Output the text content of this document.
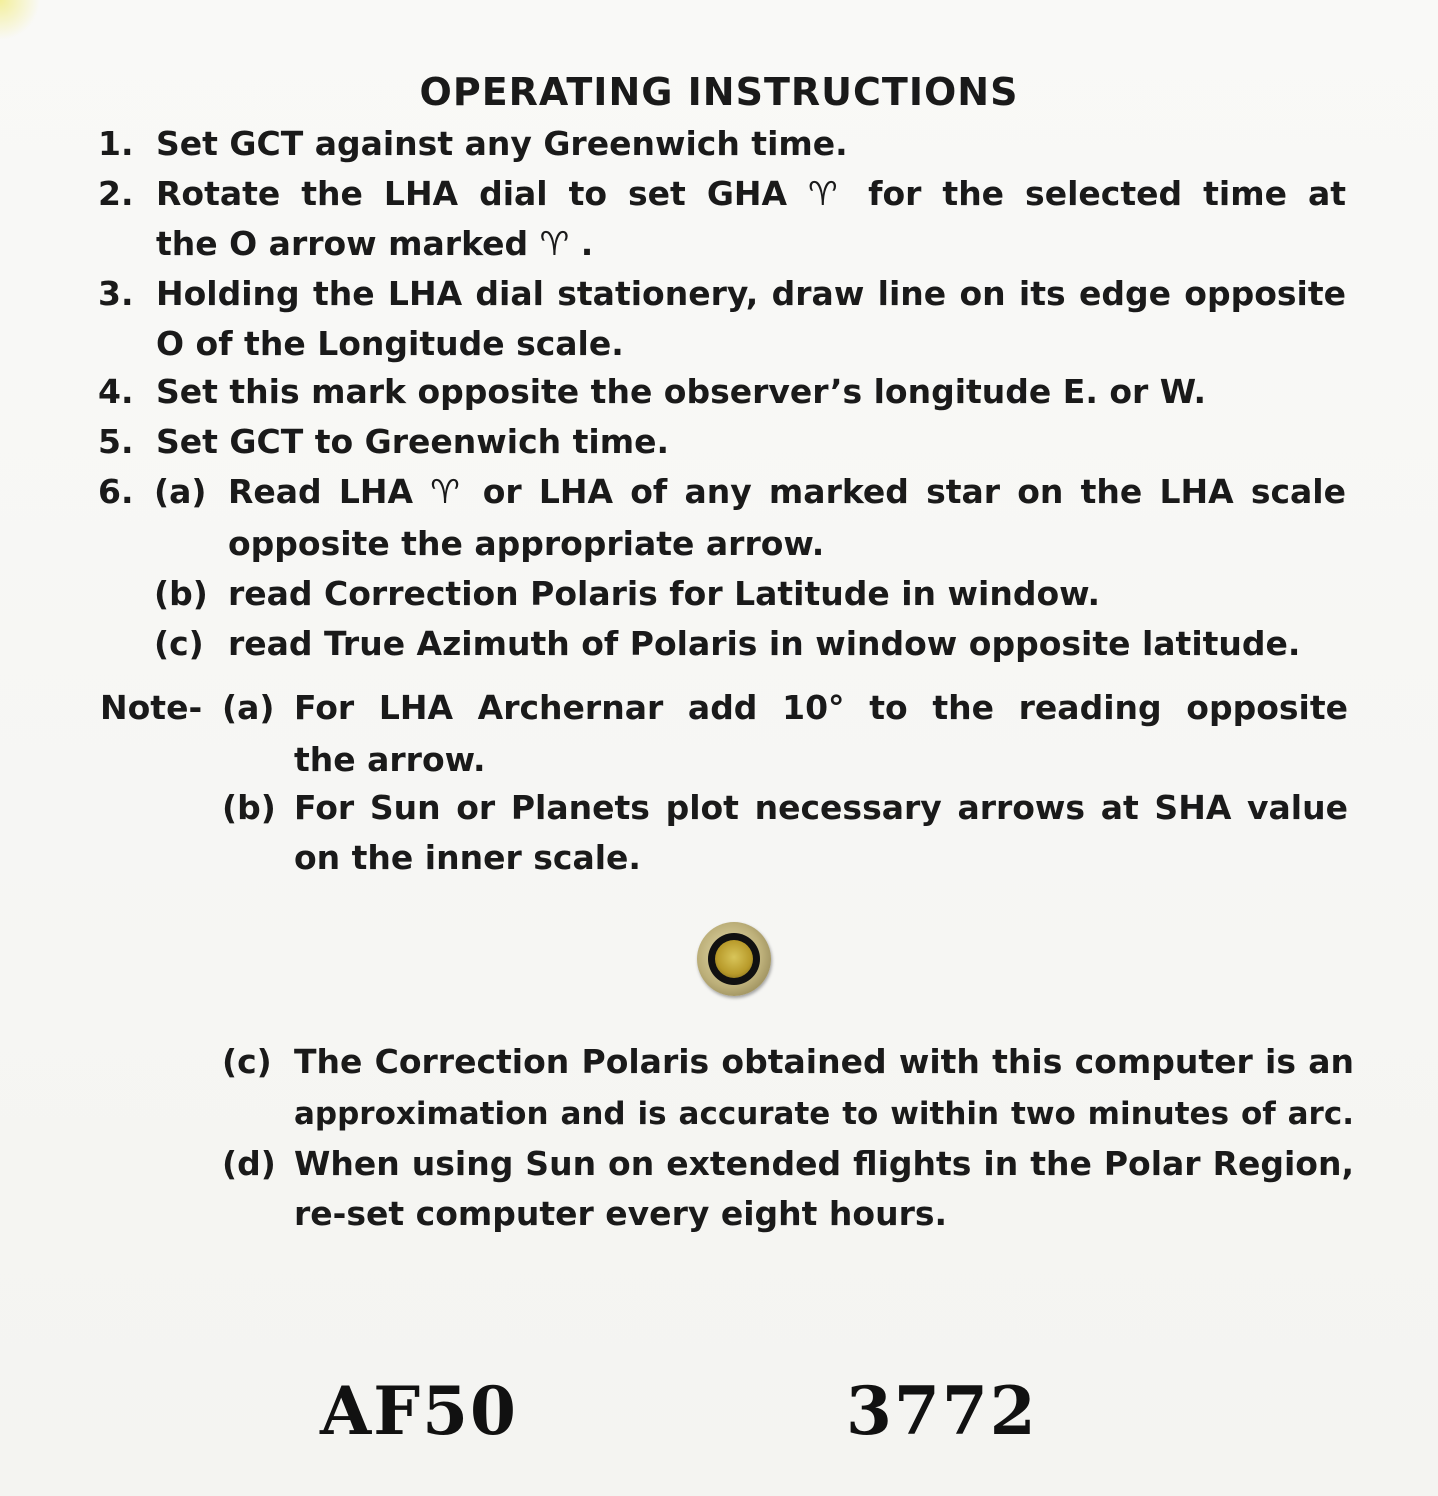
OPERATING INSTRUCTIONS
1. Set GCT against any Greenwich time.
2. Rotate the LHA dial to set GHA ♈ for the selected time at
the O arrow marked ♈ .
3. Holding the LHA dial stationery, draw line on its edge opposite
O of the Longitude scale.
4. Set this mark opposite the observer’s longitude E. or W.
5. Set GCT to Greenwich time.
6. (a) Read LHA ♈ or LHA of any marked star on the LHA scale
opposite the appropriate arrow.
(b) read Correction Polaris for Latitude in window.
(c) read True Azimuth of Polaris in window opposite latitude.
Note- (a) For LHA Archernar add 10° to the reading opposite
the arrow.
(b) For Sun or Planets plot necessary arrows at SHA value
on the inner scale.
(c) The Correction Polaris obtained with this computer is an
approximation and is accurate to within two minutes of arc.
(d) When using Sun on extended flights in the Polar Region,
re-set computer every eight hours.
AF50	3772
